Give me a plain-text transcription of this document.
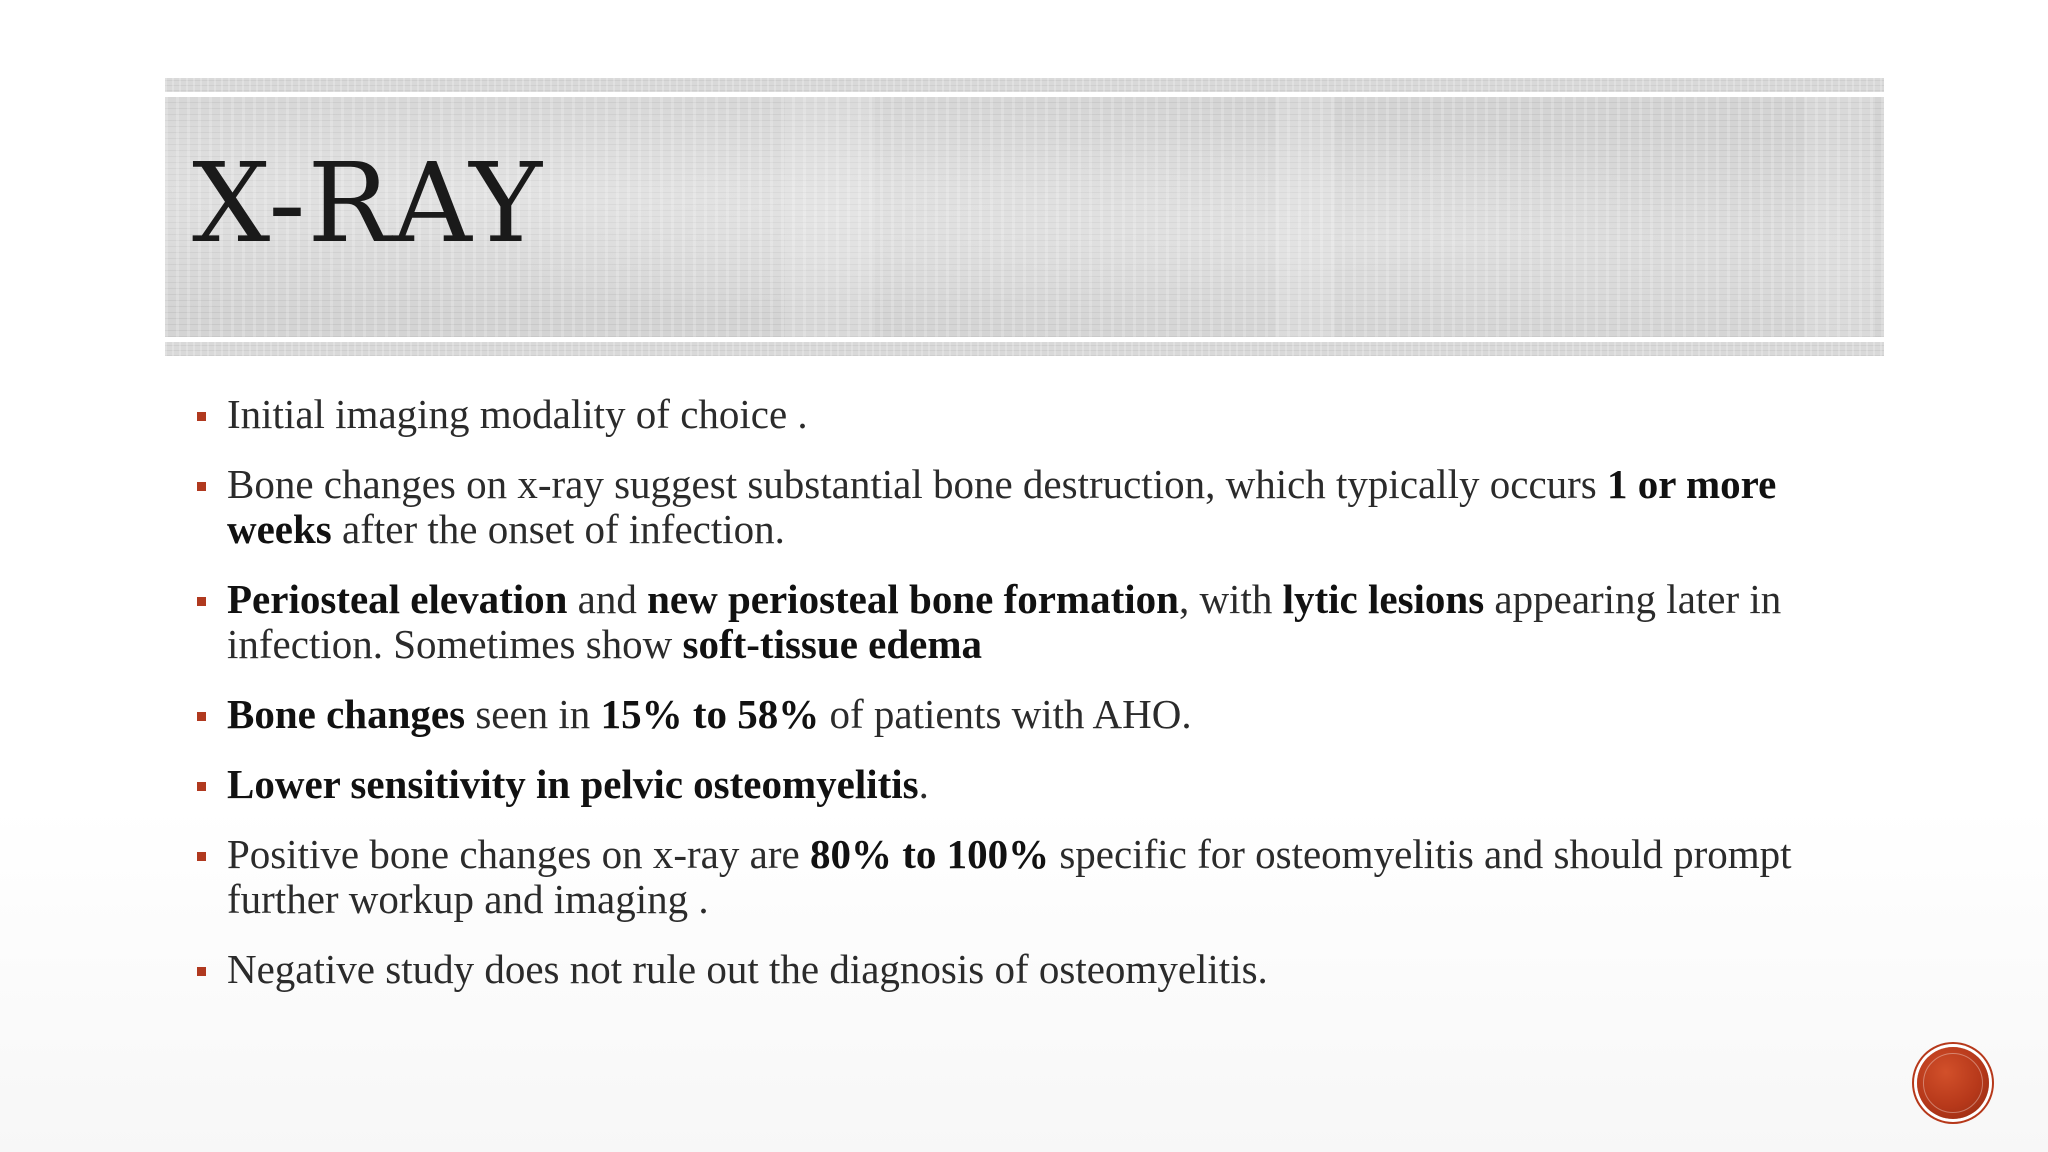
X-RAY
Initial imaging modality of choice .
Bone changes on x-ray suggest substantial bone destruction, which typically occurs 1 or more weeks after the onset of infection.
Periosteal elevation and new periosteal bone formation, with lytic lesions appearing later in infection. Sometimes show soft-tissue edema
Bone changes seen in 15% to 58% of patients with AHO.
Lower sensitivity in pelvic osteomyelitis.
Positive bone changes on x-ray are 80% to 100% specific for osteomyelitis and should prompt further workup and imaging .
Negative study does not rule out the diagnosis of osteomyelitis.
